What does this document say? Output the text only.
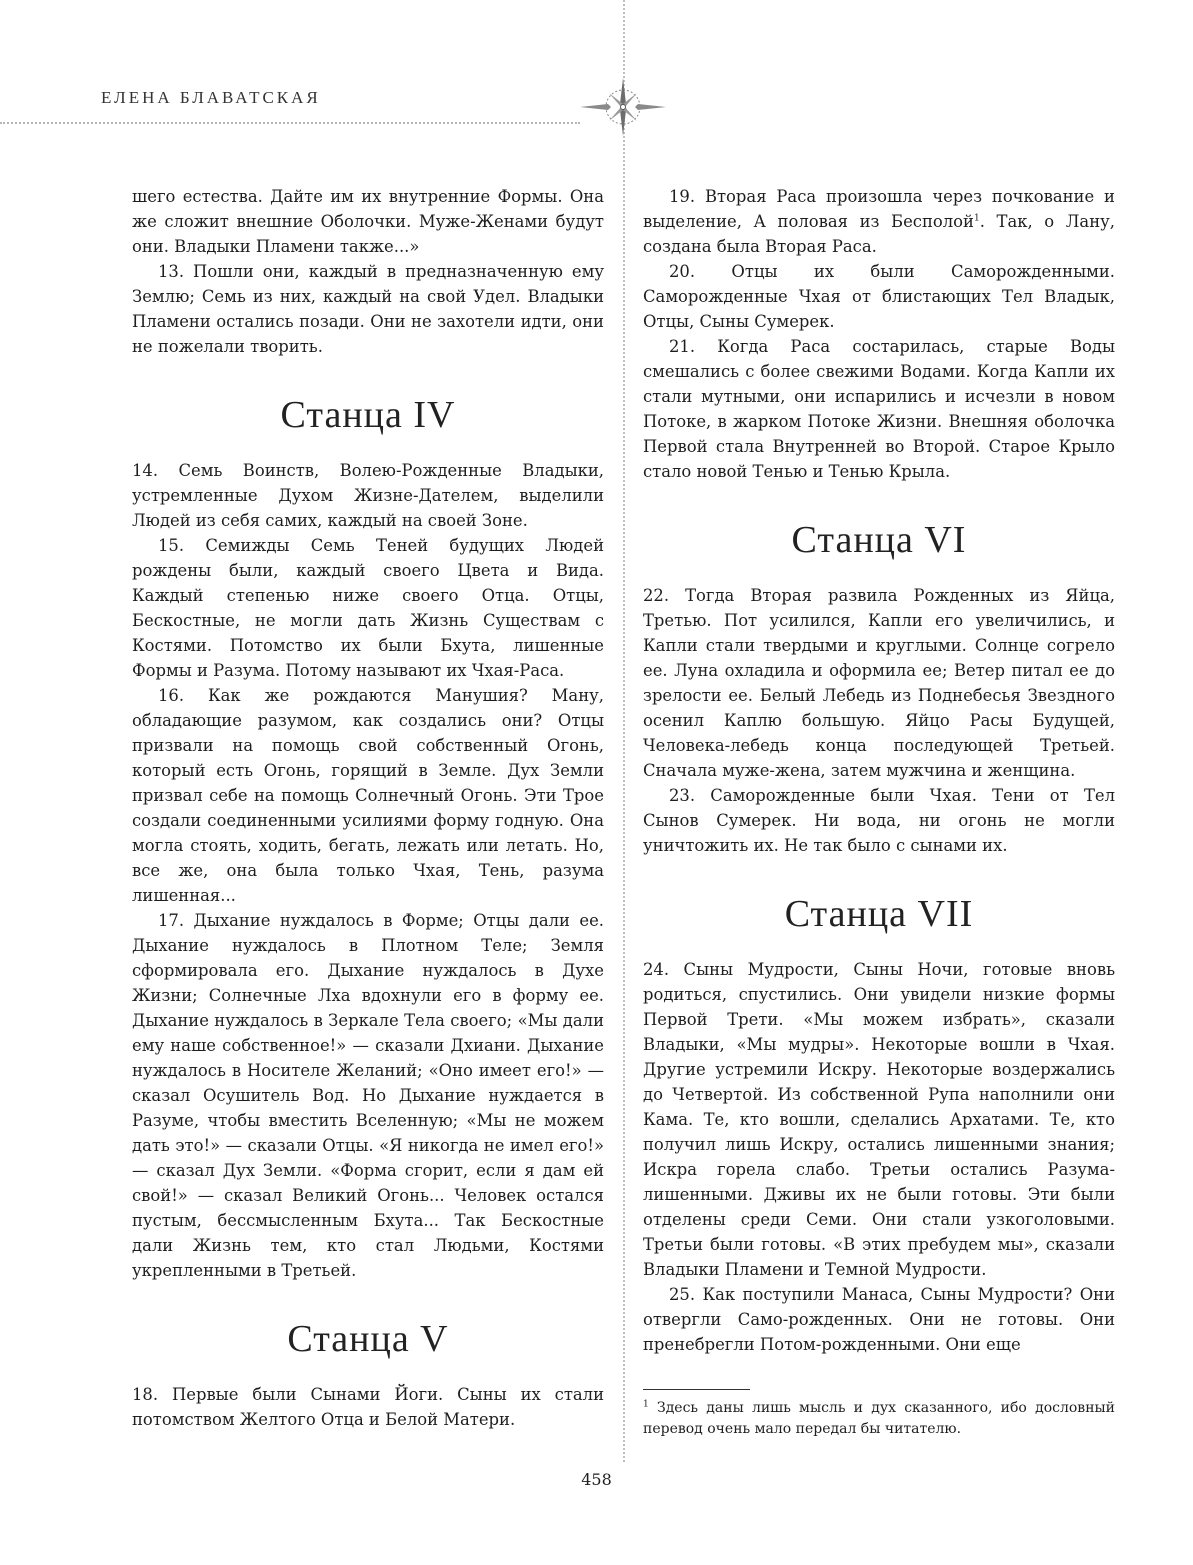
ЕЛЕНА БЛАВАТСКАЯ

шего естества. Дайте им их внутренние Формы. Она же сложит внешние Оболочки. Муже-Женами будут они. Владыки Пламени также...»

13. Пошли они, каждый в предназначенную ему Землю; Семь из них, каждый на свой Удел. Владыки Пламени остались позади. Они не захотели идти, они не пожелали творить.

Станца IV

14. Семь Воинств, Волею-Рожденные Владыки, устремленные Духом Жизне-Дателем, выделили Людей из себя самих, каждый на своей Зоне.

15. Семижды Семь Теней будущих Людей рождены были, каждый своего Цвета и Вида. Каждый степенью ниже своего Отца. Отцы, Бескостные, не могли дать Жизнь Существам с Костями. Потомство их были Бхута, лишенные Формы и Разума. Потому называют их Чхая-Раса.

16. Как же рождаются Манушия? Ману, обладающие разумом, как создались они? Отцы призвали на помощь свой собственный Огонь, который есть Огонь, горящий в Земле. Дух Земли призвал себе на помощь Солнечный Огонь. Эти Трое создали соединенными усилиями форму годную. Она могла стоять, ходить, бегать, лежать или летать. Но, все же, она была только Чхая, Тень, разума лишенная...

17. Дыхание нуждалось в Форме; Отцы дали ее. Дыхание нуждалось в Плотном Теле; Земля сформировала его. Дыхание нуждалось в Духе Жизни; Солнечные Лха вдохнули его в форму ее. Дыхание нуждалось в Зеркале Тела своего; «Мы дали ему наше собственное!» — сказали Дхиани. Дыхание нуждалось в Носителе Желаний; «Оно имеет его!» — сказал Осушитель Вод. Но Дыхание нуждается в Разуме, чтобы вместить Вселенную; «Мы не можем дать это!» — сказали Отцы. «Я никогда не имел его!» — сказал Дух Земли. «Форма сгорит, если я дам ей свой!» — сказал Великий Огонь... Человек остался пустым, бессмысленным Бхута... Так Бескостные дали Жизнь тем, кто стал Людьми, Костями укрепленными в Третьей.

Станца V

18. Первые были Сынами Йоги. Сыны их стали потомством Желтого Отца и Белой Матери.

19. Вторая Раса произошла через почкование и выделение, А половая из Бесполой$^1$. Так, о Лану, создана была Вторая Раса.

20. Отцы их были Саморожденными. Саморожденные Чхая от блистающих Тел Владык, Отцы, Сыны Сумерек.

21. Когда Раса состарилась, старые Воды смешались с более свежими Водами. Когда Капли их стали мутными, они испарились и исчезли в новом Потоке, в жарком Потоке Жизни. Внешняя оболочка Первой стала Внутренней во Второй. Старое Крыло стало новой Тенью и Тенью Крыла.

Станца VI

22. Тогда Вторая развила Рожденных из Яйца, Третью. Пот усилился, Капли его увеличились, и Капли стали твердыми и круглыми. Солнце согрело ее. Луна охладила и оформила ее; Ветер питал ее до зрелости ее. Белый Лебедь из Поднебесья Звездного осенил Каплю большую. Яйцо Расы Будущей, Человека-лебедь конца последующей Третьей. Сначала муже-жена, затем мужчина и женщина.

23. Саморожденные были Чхая. Тени от Тел Сынов Сумерек. Ни вода, ни огонь не могли уничтожить их. Не так было с сынами их.

Станца VII

24. Сыны Мудрости, Сыны Ночи, готовые вновь родиться, спустились. Они увидели низкие формы Первой Трети. «Мы можем избрать», сказали Владыки, «Мы мудры». Некоторые вошли в Чхая. Другие устремили Искру. Некоторые воздержались до Четвертой. Из собственной Рупа наполнили они Кама. Те, кто вошли, сделались Архатами. Те, кто получил лишь Искру, остались лишенными знания; Искра горела слабо. Третьи остались Разума-лишенными. Дживы их не были готовы. Эти были отделены среди Семи. Они стали узкоголовыми. Третьи были готовы. «В этих пребудем мы», сказали Владыки Пламени и Темной Мудрости.

25. Как поступили Манаса, Сыны Мудрости? Они отвергли Само-рожденных. Они не готовы. Они пренебрегли Потом-рожденными. Они еще

$^1$ Здесь даны лишь мысль и дух сказанного, ибо дословный перевод очень мало передал бы читателю.
458
